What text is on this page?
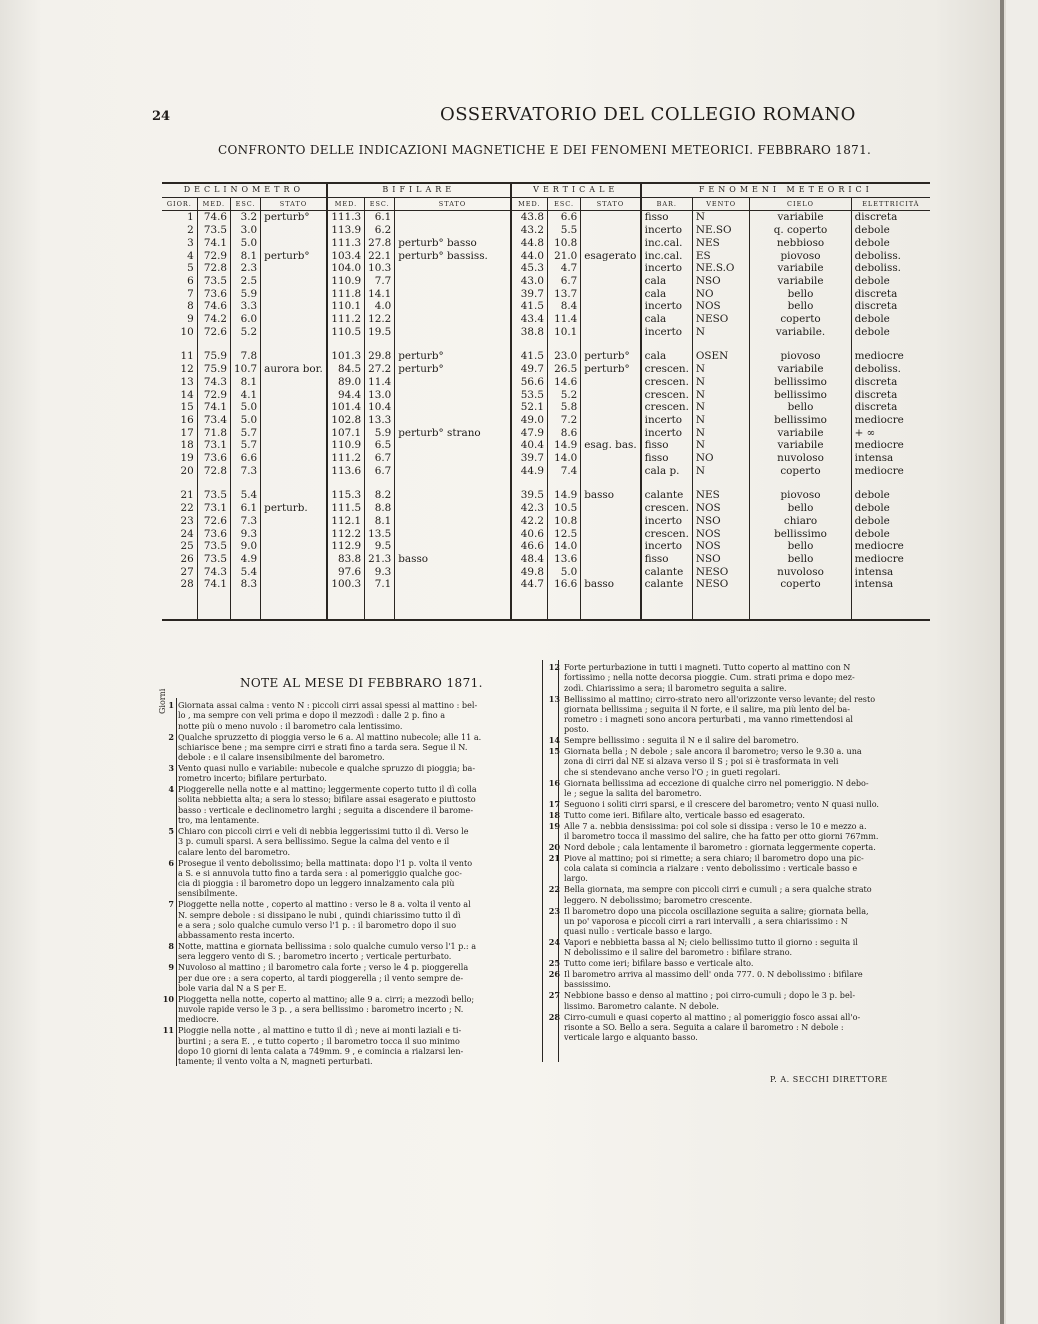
24	OSSERVATORIO DEL COLLEGIO ROMANO
CONFRONTO DELLE INDICAZIONI MAGNETICHE E DEI FENOMENI METEORICI. FEBBRARO 1871.
DECLINOMETRO				BIFILARE			VERTICALE			FENOMENI METEORICI			
GIOR.	MED.	ESC.	STATO	MED.	ESC.	STATO	MED.	ESC.	STATO	BAR.	VENTO	CIELO	ELETTRICITÀ
1	74.6	3.2	perturb°	111.3	6.1		43.8	6.6		fisso	N	variabile	discreta
2	73.5	3.0		113.9	6.2		43.2	5.5		incerto	NE.SO	q. coperto	debole
3	74.1	5.0		111.3	27.8	perturb° basso	44.8	10.8		inc.cal.	NES	nebbioso	debole
4	72.9	8.1	perturb°	103.4	22.1	perturb° bassiss.	44.0	21.0	esagerato	inc.cal.	ES	piovoso	deboliss.
5	72.8	2.3		104.0	10.3		45.3	4.7		incerto	NE.S.O	variabile	deboliss.
6	73.5	2.5		110.9	7.7		43.0	6.7		cala	NSO	variabile	debole
7	73.6	5.9		111.8	14.1		39.7	13.7		cala	NO	bello	discreta
8	74.6	3.3		110.1	4.0		41.5	8.4		incerto	NOS	bello	discreta
9	74.2	6.0		111.2	12.2		43.4	11.4		cala	NESO	coperto	debole
10	72.6	5.2		110.5	19.5		38.8	10.1		incerto	N	variabile.	debole

11	75.9	7.8		101.3	29.8	perturb°	41.5	23.0	perturb°	cala	OSEN	piovoso	mediocre
12	75.9	10.7	aurora bor.	84.5	27.2	perturb°	49.7	26.5	perturb°	crescen.	N	variabile	deboliss.
13	74.3	8.1		89.0	11.4		56.6	14.6		crescen.	N	bellissimo	discreta
14	72.9	4.1		94.4	13.0		53.5	5.2		crescen.	N	bellissimo	discreta
15	74.1	5.0		101.4	10.4		52.1	5.8		crescen.	N	bello	discreta
16	73.4	5.0		102.8	13.3		49.0	7.2		incerto	N	bellissimo	mediocre
17	71.8	5.7		107.1	5.9	perturb° strano	47.9	8.6		incerto	N	variabile	+ ∞
18	73.1	5.7		110.9	6.5		40.4	14.9	esag. bas.	fisso	N	variabile	mediocre
19	73.6	6.6		111.2	6.7		39.7	14.0		fisso	NO	nuvoloso	intensa
20	72.8	7.3		113.6	6.7		44.9	7.4		cala p.	N	coperto	mediocre

21	73.5	5.4		115.3	8.2		39.5	14.9	basso	calante	NES	piovoso	debole
22	73.1	6.1	perturb.	111.5	8.8		42.3	10.5		crescen.	NOS	bello	debole
23	72.6	7.3		112.1	8.1		42.2	10.8		incerto	NSO	chiaro	debole
24	73.6	9.3		112.2	13.5		40.6	12.5		crescen.	NOS	bellissimo	debole
25	73.5	9.0		112.9	9.5		46.6	14.0		incerto	NOS	bello	mediocre
26	73.5	4.9		83.8	21.3	basso	48.4	13.6		fisso	NSO	bello	mediocre
27	74.3	5.4		97.6	9.3		49.8	5.0		calante	NESO	nuvoloso	intensa
28	74.1	8.3		100.3	7.1		44.7	16.6	basso	calante	NESO	coperto	intensa

Giorni
NOTE AL MESE DI FEBBRARO 1871.
1 Giornata assai calma : vento N : piccoli cirri assai spessi al mattino : bel-
lo , ma sempre con veli prima e dopo il mezzodì : dalle 2 p. fino a
notte più o meno nuvolo : il barometro cala lentissimo.
2 Qualche spruzzetto di pioggia verso le 6 a. Al mattino nubecole; alle 11 a.
schiarisce bene ; ma sempre cirri e strati fino a tarda sera. Segue il N.
debole : e il calare insensibilmente del barometro.
3 Vento quasi nullo e variabile: nubecole e qualche spruzzo di pioggia; ba-
rometro incerto; bifilare perturbato.
4 Pioggerelle nella notte e al mattino; leggermente coperto tutto il dì colla
solita nebbietta alta; a sera lo stesso; bifilare assai esagerato e piuttosto
basso : verticale e declinometro larghi ; seguita a discendere il barome-
tro, ma lentamente.
5 Chiaro con piccoli cirri e veli di nebbia leggerissimi tutto il dì. Verso le
3 p. cumuli sparsi. A sera bellissimo. Segue la calma del vento e il
calare lento del barometro.
6 Prosegue il vento debolissimo; bella mattinata: dopo l'1 p. volta il vento
a S. e si annuvola tutto fino a tarda sera : al pomeriggio qualche goc-
cia di pioggia : il barometro dopo un leggero innalzamento cala più
sensibilmente.
7 Pioggette nella notte , coperto al mattino : verso le 8 a. volta il vento al
N. sempre debole : si dissipano le nubi , quindi chiarissimo tutto il dì
e a sera ; solo qualche cumulo verso l'1 p. : il barometro dopo il suo
abbassamento resta incerto.
8 Notte, mattina e giornata bellissima : solo qualche cumulo verso l'1 p.: a
sera leggero vento di S. ; barometro incerto ; verticale perturbato.
9 Nuvoloso al mattino ; il barometro cala forte ; verso le 4 p. pioggerella
per due ore : a sera coperto, al tardi pioggerella ; il vento sempre de-
bole varia dal N a S per E.
10 Pioggetta nella notte, coperto al mattino; alle 9 a. cirri; a mezzodì bello;
nuvole rapide verso le 3 p. , a sera bellissimo : barometro incerto ; N.
mediocre.
11 Pioggie nella notte , al mattino e tutto il dì ; neve ai monti laziali e ti-
burtini ; a sera E. , e tutto coperto ; il barometro tocca il suo minimo
dopo 10 giorni di lenta calata a 749mm. 9 , e comincia a rialzarsi len-
tamente; il vento volta a N, magneti perturbati.
12 Forte perturbazione in tutti i magneti. Tutto coperto al mattino con N
fortissimo ; nella notte decorsa pioggie. Cum. strati prima e dopo mez-
zodì. Chiarissimo a sera; il barometro seguita a salire.
13 Bellissimo al mattino; cirro-strato nero all'orizzonte verso levante; del resto
giornata bellissima ; seguita il N forte, e il salire, ma più lento del ba-
rometro : i magneti sono ancora perturbati , ma vanno rimettendosi al
posto.
14 Sempre bellissimo : seguita il N e il salire del barometro.
15 Giornata bella ; N debole ; sale ancora il barometro; verso le 9.30 a. una
zona di cirri dal NE si alzava verso il S ; poi si è trasformata in veli
che si stendevano anche verso l'O ; in gueti regolari.
16 Giornata bellissima ad eccezione di qualche cirro nel pomeriggio. N debo-
le ; segue la salita del barometro.
17 Seguono i soliti cirri sparsi, e il crescere del barometro; vento N quasi nullo.
18 Tutto come ieri. Bifilare alto, verticale basso ed esagerato.
19 Alle 7 a. nebbia densissima: poi col sole si dissipa : verso le 10 e mezzo a.
il barometro tocca il massimo del salire, che ha fatto per otto giorni 767mm.
20 Nord debole ; cala lentamente il barometro : giornata leggermente coperta.
21 Piove al mattino; poi si rimette; a sera chiaro; il barometro dopo una pic-
cola calata si comincia a rialzare : vento debolissimo : verticale basso e
largo.
22 Bella giornata, ma sempre con piccoli cirri e cumuli ; a sera qualche strato
leggero. N debolissimo; barometro crescente.
23 Il barometro dopo una piccola oscillazione seguita a salire; giornata bella,
un po' vaporosa e piccoli cirri a rari intervalli , a sera chiarissimo : N
quasi nullo : verticale basso e largo.
24 Vapori e nebbietta bassa al N; cielo bellissimo tutto il giorno : seguita il
N debolissimo e il salire del barometro : bifilare strano.
25 Tutto come ieri; bifilare basso e verticale alto.
26 Il barometro arriva al massimo dell' onda 777. 0. N debolissimo : bifilare
bassissimo.
27 Nebbione basso e denso al mattino ; poi cirro-cumuli ; dopo le 3 p. bel-
lissimo. Barometro calante. N debole.
28 Cirro-cumuli e quasi coperto al mattino ; al pomeriggio fosco assai all'o-
risonte a SO. Bello a sera. Seguita a calare il barometro : N debole :
verticale largo e alquanto basso.
P. A. SECCHI DIRETTORE
